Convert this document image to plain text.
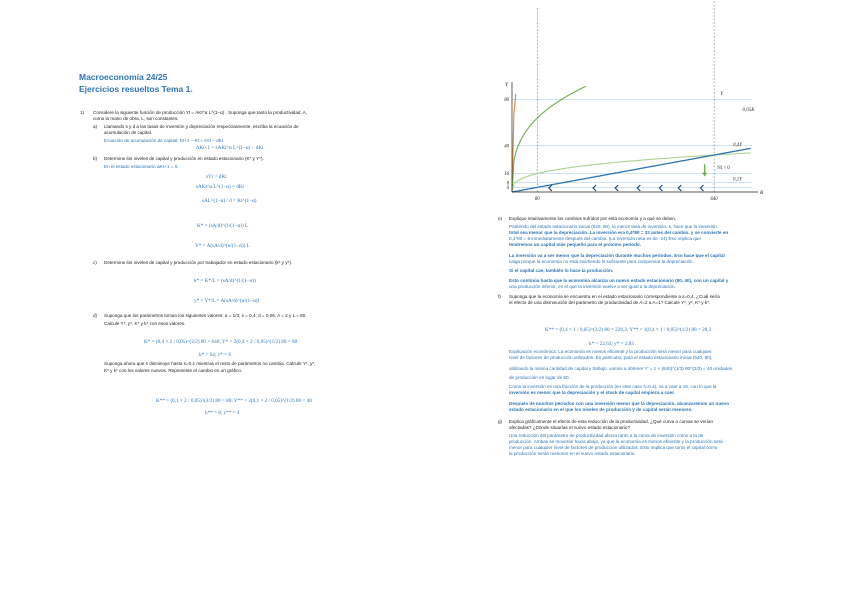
Macroeconomía 24/25
Ejercicios resueltos Tema 1.
1) Considere la siguiente función de producción Yt = AKt^α L^(1−α) . Suponga que tanto la productividad, A,
como la mano de obra, L, son constantes.
a) Llamando s y d a las tasas de inversión y depreciación respectivamente, escriba la ecuación de
acumulación de capital.
Ecuación de acumulación de capital: Kt+1 − Kt = sYt − dKt
ΔKt+1 = sAKt^α L^(1−α) − dKt
b) Determine los niveles de capital y producción en estado estacionario (K* y Y*).
En el estado estacionario ΔKt+1 = 0.
sYt = dKt
sAKt^α L^(1−α) = dKt
sAL^(1−α) / d = Kt^(1−α)
K* = (sA/d)^(1/(1−α)) L
Y* = A(sA/d)^(α/(1−α)) L
c) Determine los niveles de capital y producción por trabajador en estado estacionario (k* y y*).
k* = K*/L = (sA/d)^(1/(1−α))
y* = Y*/L = A(sA/d)^(α/(1−α))
d) Suponga que los parámetros toman los siguientes valores: α = 1/3; s = 0,4; d = 0,05; A = 2 y L = 80.
Calcule Y*, y*, K* y k* con esos valores.
K* = (0,4 × 2 / 0,05)^(3/2) 80 = 640; Y* = 2(0,4 × 2 / 0,05)^(1/2) 80 = 80
k* = 64; y* = 8
Suponga ahora que s disminuye hasta s=0,1 mientras el resto de parámetros no cambia. Calcule Y*, y*,
K* y k* con los valores nuevos. Represente el cambio en un gráfico.
K** = (0,1 × 2 / 0,05)^(3/2) 80 = 80; Y** = 2(0,1 × 2 / 0,05)^(1/2) 80 = 40
k** = 8; y** = 4
Y
0,4Y
0,1Y
0,05K
NI < 0
Y
K
80
40
16
8
4
80	640
e) Explique intuitivamente los cambios sufridos por esta economía y a qué se deben.
Partiendo del estado estacionario inicial (640, 80), la menor tasa de inversión, s, hace que la inversión
total sea menor que la depreciación. La inversión era 0,4*80 = 32 antes del cambio, y se convierte en
0,1*80 = 8 inmediatamente después del cambio. (La inversión neta es de -24) Eso implica que
tendremos un capital más pequeño para el próximo periodo.
La inversión va a ser menor que la depreciación durante muchos periodos. Eso hace que el capital
caiga porque la economía no está invirtiendo lo suficiente para compensar la depreciación.
Si el capital cae, también lo hace la producción.
Esto continúa hasta que la economía alcanza un nuevo estado estacionario (80, 40), con un capital y
una producción inferior, en el que la inversión vuelve a ser igual a la depreciación.
f) Suponga que la economía se encuentra en el estado estacionario correspondiente a s=0,4. ¿Cuál sería
el efecto de una disminución del parámetro de productividad de A=2 a A=1? Calcule Y*, y*, K* y k*.
K** = (0,4 × 1 / 0,05)^(3/2) 80 = 226,3; Y** = 1(0,4 × 1 / 0,05)^(1/2) 80 = 28,3
k* = 22,63; y* = 2,83
Explicación económica: La economía es menos eficiente y la producción será menor para cualquier
nivel de factores de producción utilizados. En particular, para el estado estacionario inicial (640, 80),
utilizando la misma cantidad de capital y trabajo, vamos a obtener Y' = 1 × (640)^(1/3) 80^(2/3) = 40 unidades
de producción en lugar de 80.
Como la inversión es una fracción de la producción (en este caso s=0,4), va a caer a 16, con lo que la
inversión es menor que la depreciación y el stock de capital empieza a caer.
Después de muchos periodos con una inversión menor que la depreciación, alcanzaremos un nuevo
estado estacionario en el que los niveles de producción y de capital serán menores.
g) Explica gráficamente el efecto de esta reducción de la productividad. ¿Qué curva o curvas se verían
afectadas? ¿Dónde situarías el nuevo estado estacionario?
Una reducción del parámetro de productividad afecta tanto a la curva de inversión como a la de
producción. Ambas se moverán hacia abajo, ya que la economía es menos eficiente y la producción será
menor para cualquier nivel de factores de producción utilizados. Esto implica que tanto el capital como
la producción serán menores en el nuevo estado estacionario.
